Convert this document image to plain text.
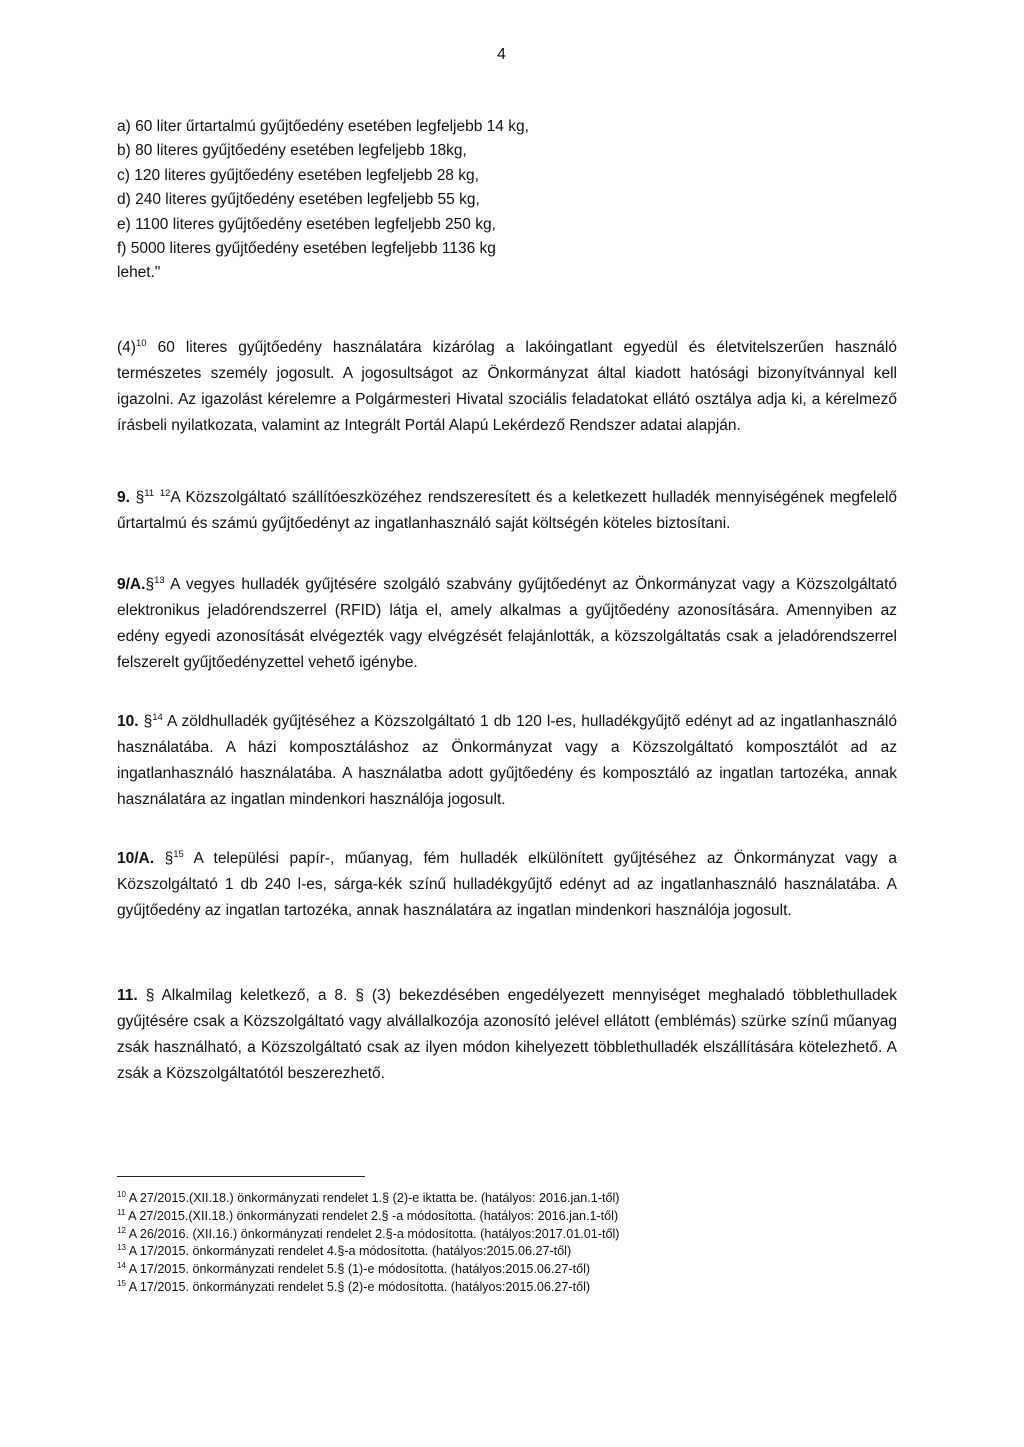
4
a) 60 liter űrtartalmú gyűjtőedény esetében legfeljebb 14 kg,
b) 80 literes gyűjtőedény esetében legfeljebb 18kg,
c) 120 literes gyűjtőedény esetében legfeljebb 28 kg,
d) 240 literes gyűjtőedény esetében legfeljebb 55 kg,
e) 1100 literes gyűjtőedény esetében legfeljebb 250 kg,
f) 5000 literes gyűjtőedény esetében legfeljebb 1136 kg
lehet."
$(4)^{10}$ 60 literes gyűjtőedény használatára kizárólag a lakóingatlant egyedül és életvitelszerűen használó természetes személy jogosult. A jogosultságot az Önkormányzat által kiadott hatósági bizonyítvánnyal kell igazolni. Az igazolást kérelemre a Polgármesteri Hivatal szociális feladatokat ellátó osztálya adja ki, a kérelmező írásbeli nyilatkozata, valamint az Integrált Portál Alapú Lekérdező Rendszer adatai alapján.
9. §$^{11}$ $^{12}$A Közszolgáltató szállítóeszközéhez rendszeresített és a keletkezett hulladék mennyiségének megfelelő űrtartalmú és számú gyűjtőedényt az ingatlanhasználó saját költségén köteles biztosítani.
9/A.§$^{13}$ A vegyes hulladék gyűjtésére szolgáló szabvány gyűjtőedényt az Önkormányzat vagy a Közszolgáltató elektronikus jeladórendszerrel (RFID) látja el, amely alkalmas a gyűjtőedény azonosítására. Amennyiben az edény egyedi azonosítását elvégezték vagy elvégzését felajánlották, a közszolgáltatás csak a jeladórendszerrel felszerelt gyűjtőedényzettel vehető igénybe.
10. §$^{14}$ A zöldhulladék gyűjtéséhez a Közszolgáltató 1 db 120 l-es, hulladékgyűjtő edényt ad az ingatlanhasználó használatába. A házi komposztáláshoz az Önkormányzat vagy a Közszolgáltató komposztálót ad az ingatlanhasználó használatába. A használatba adott gyűjtőedény és komposztáló az ingatlan tartozéka, annak használatára az ingatlan mindenkori használója jogosult.
10/A. §$^{15}$ A települési papír-, műanyag, fém hulladék elkülönített gyűjtéséhez az Önkormányzat vagy a Közszolgáltató 1 db 240 l-es, sárga-kék színű hulladékgyűjtő edényt ad az ingatlanhasználó használatába. A gyűjtőedény az ingatlan tartozéka, annak használatára az ingatlan mindenkori használója jogosult.
11. § Alkalmilag keletkező, a 8. § (3) bekezdésében engedélyezett mennyiséget meghaladó többlethulladek gyűjtésére csak a Közszolgáltató vagy alvállalkozója azonosító jelével ellátott (emblémás) szürke színű műanyag zsák használható, a Közszolgáltató csak az ilyen módon kihelyezett többlethulladék elszállítására kötelezhető. A zsák a Közszolgáltatótól beszerezhető.
$^{10}$ A 27/2015.(XII.18.) önkormányzati rendelet 1.§ (2)-e iktatta be. (hatályos: 2016.jan.1-től)
$^{11}$ A 27/2015.(XII.18.) önkormányzati rendelet 2.§ -a módosította. (hatályos: 2016.jan.1-től)
$^{12}$ A 26/2016. (XII.16.) önkormányzati rendelet 2.§-a módosította. (hatályos:2017.01.01-től)
$^{13}$ A 17/2015. önkormányzati rendelet 4.§-a módosította. (hatályos:2015.06.27-től)
$^{14}$ A 17/2015. önkormányzati rendelet 5.§ (1)-e módosította. (hatályos:2015.06.27-től)
$^{15}$ A 17/2015. önkormányzati rendelet 5.§ (2)-e módosította. (hatályos:2015.06.27-től)
